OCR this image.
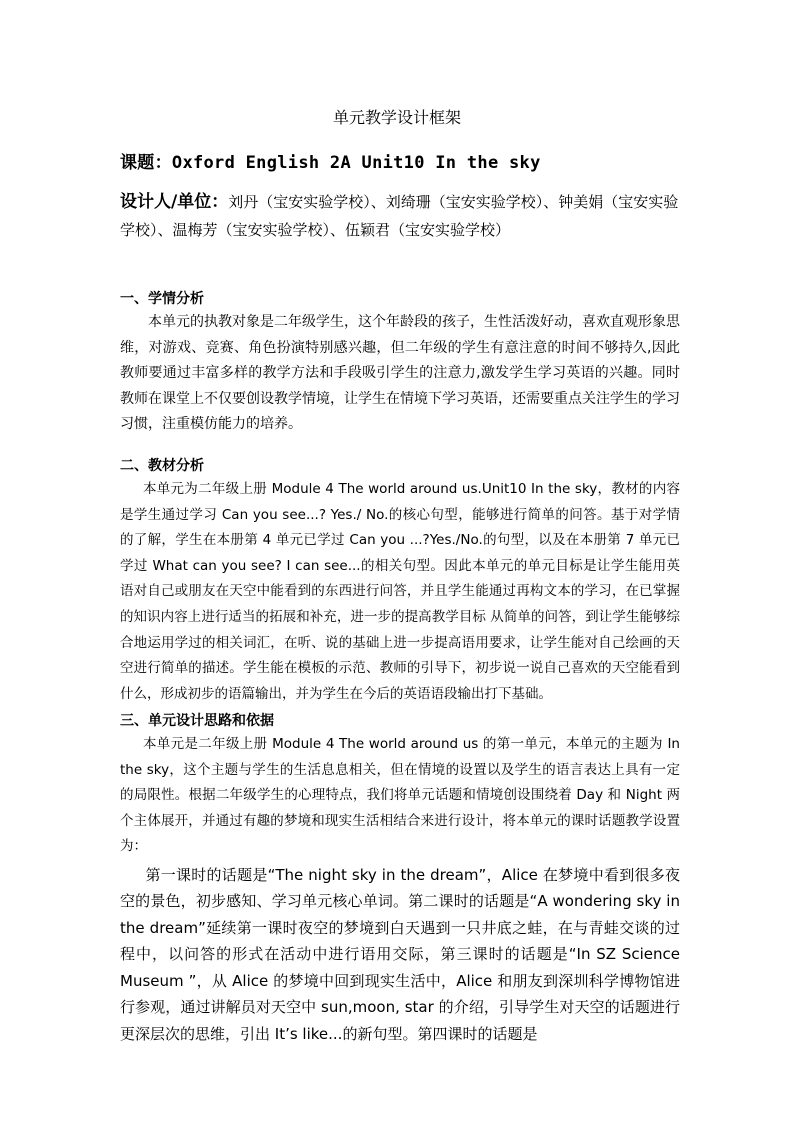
单元教学设计框架
课题：Oxford English 2A Unit10 In the sky
设计人/单位：刘丹（宝安实验学校）、刘绮珊（宝安实验学校）、钟美娟（宝安实验学校）、温梅芳（宝安实验学校）、伍颖君（宝安实验学校）
一、学情分析
本单元的执教对象是二年级学生，这个年龄段的孩子，生性活泼好动，喜欢直观形象思维，对游戏、竞赛、角色扮演特别感兴趣，但二年级的学生有意注意的时间不够持久,因此教师要通过丰富多样的教学方法和手段吸引学生的注意力,激发学生学习英语的兴趣。同时教师在课堂上不仅要创设教学情境，让学生在情境下学习英语，还需要重点关注学生的学习习惯，注重模仿能力的培养。
二、教材分析
本单元为二年级上册 Module 4 The world around us.Unit10 In the sky，教材的内容是学生通过学习 Can you see...? Yes./ No.的核心句型，能够进行简单的问答。基于对学情的了解，学生在本册第 4 单元已学过 Can you ...?Yes./No.的句型，以及在本册第 7 单元已学过 What can you see? I can see...的相关句型。因此本单元的单元目标是让学生能用英语对自己或朋友在天空中能看到的东西进行问答，并且学生能通过再构文本的学习，在已掌握的知识内容上进行适当的拓展和补充，进一步的提高教学目标 从简单的问答，到让学生能够综合地运用学过的相关词汇，在听、说的基础上进一步提高语用要求，让学生能对自己绘画的天空进行简单的描述。学生能在模板的示范、教师的引导下，初步说一说自己喜欢的天空能看到什么，形成初步的语篇输出，并为学生在今后的英语语段输出打下基础。
三、单元设计思路和依据
本单元是二年级上册 Module 4 The world around us 的第一单元，本单元的主题为 In the sky，这个主题与学生的生活息息相关，但在情境的设置以及学生的语言表达上具有一定的局限性。根据二年级学生的心理特点，我们将单元话题和情境创设围绕着 Day 和 Night 两个主体展开，并通过有趣的梦境和现实生活相结合来进行设计，将本单元的课时话题教学设置为：
第一课时的话题是“The night sky in the dream”，Alice 在梦境中看到很多夜空的景色，初步感知、学习单元核心单词。第二课时的话题是“A wondering sky in the dream”延续第一课时夜空的梦境到白天遇到一只井底之蛙，在与青蛙交谈的过程中，以问答的形式在活动中进行语用交际，第三课时的话题是“In SZ Science Museum ”，从 Alice 的梦境中回到现实生活中，Alice 和朋友到深圳科学博物馆进行参观，通过讲解员对天空中 sun,moon, star 的介绍，引导学生对天空的话题进行更深层次的思维，引出 It’s like...的新句型。第四课时的话题是
